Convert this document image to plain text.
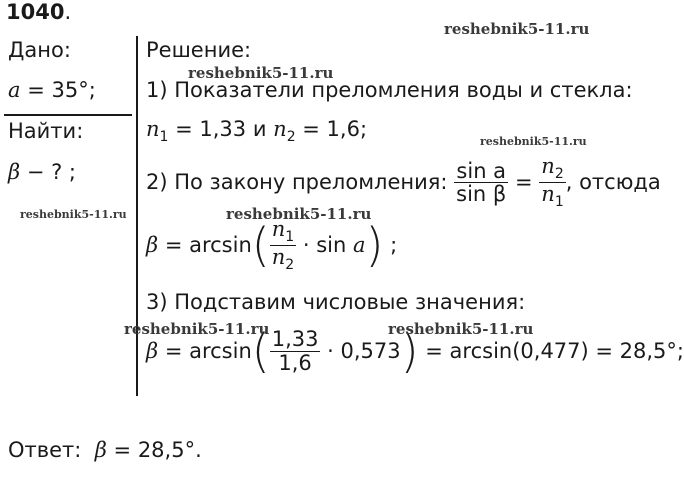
1040.
Дано:
a = 35°;
Найти:
β − ? ;
Решение:
1) Показатели преломления воды и стекла:
$n_1 = 1,33$ и $n_2 = 1,6$;
2) По закону преломления: $\frac{\text{sin a}}{\text{sin β}} = \frac{n_2}{n_1}$ , отсюда
$\beta = \arcsin( \frac{n_1}{n_2} \cdot \sin a)$ ;
3) Подставим числовые значения:
$\beta = \arcsin( \frac{1,33}{1,6} \cdot 0,573) = \arcsin(0,477) = 28,5^\circ$;
Ответ: β = 28,5°.
reshebnik5-11.ru
reshebnik5-11.ru
reshebnik5-11.ru
reshebnik5-11.ru	reshebnik5-11.ru
reshebnik5-11.ru	reshebnik5-11.ru
